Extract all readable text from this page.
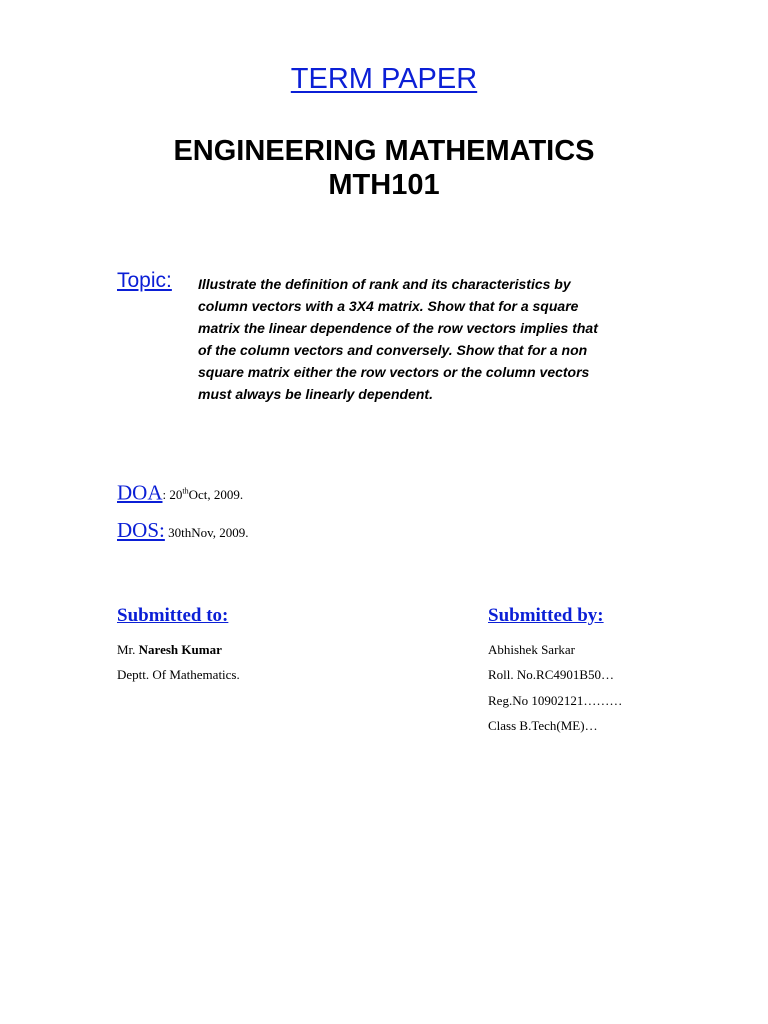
TERM PAPER
ENGINEERING MATHEMATICS
MTH101
Topic: Illustrate the definition of rank and its characteristics by
column vectors with a 3X4 matrix. Show that for a square
matrix the linear dependence of the row vectors implies that
of the column vectors and conversely. Show that for a non
square matrix either the row vectors or the column vectors
must always be linearly dependent.
DOA: 20thOct, 2009.
DOS: 30thNov, 2009.
Submitted to:
Mr. Naresh Kumar
Deptt. Of Mathematics.
Submitted by:
Abhishek Sarkar
Roll. No.RC4901B50…
Reg.No 10902121………
Class B.Tech(ME)…
